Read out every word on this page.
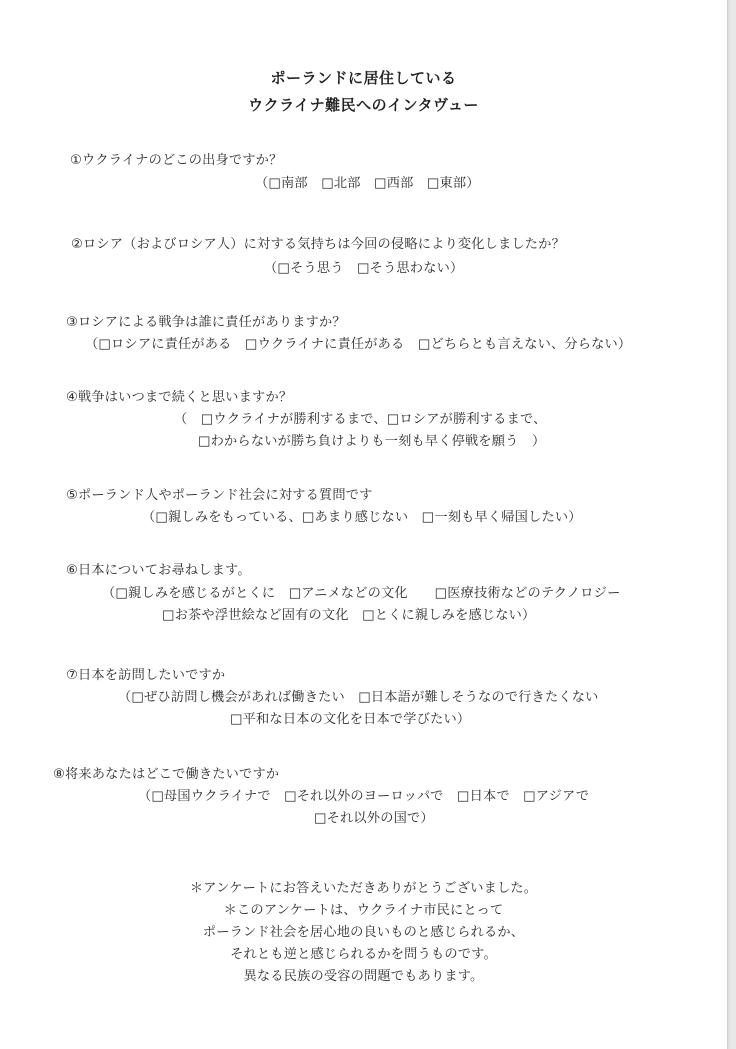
ポーランドに居住している
ウクライナ難民へのインタヴュー
①ウクライナのどこの出身ですか？
（□南部　□北部　□西部　□東部）
②ロシア（およびロシア人）に対する気持ちは今回の侵略により変化しましたか？
（□そう思う　□そう思わない）
③ロシアによる戦争は誰に責任がありますか？
（□ロシアに責任がある　□ウクライナに責任がある　□どちらとも言えない、分らない）
④戦争はいつまで続くと思いますか？
（　□ウクライナが勝利するまで、□ロシアが勝利するまで、
□わからないが勝ち負けよりも一刻も早く停戦を願う　）
⑤ポーランド人やポーランド社会に対する質問です
（□親しみをもっている、□あまり感じない　□一刻も早く帰国したい）
⑥日本についてお尋ねします。
（□親しみを感じるがとくに　□アニメなどの文化　　□医療技術などのテクノロジー
□お茶や浮世絵など固有の文化　□とくに親しみを感じない）
⑦日本を訪問したいですか
（□ぜひ訪問し機会があれば働きたい　□日本語が難しそうなので行きたくない
□平和な日本の文化を日本で学びたい）
⑧将来あなたはどこで働きたいですか
（□母国ウクライナで　□それ以外のヨーロッパで　□日本で　□アジアで
□それ以外の国で）
＊アンケートにお答えいただきありがとうございました。
＊このアンケートは、ウクライナ市民にとって
ポーランド社会を居心地の良いものと感じられるか、
それとも逆と感じられるかを問うものです。
異なる民族の受容の問題でもあります。
